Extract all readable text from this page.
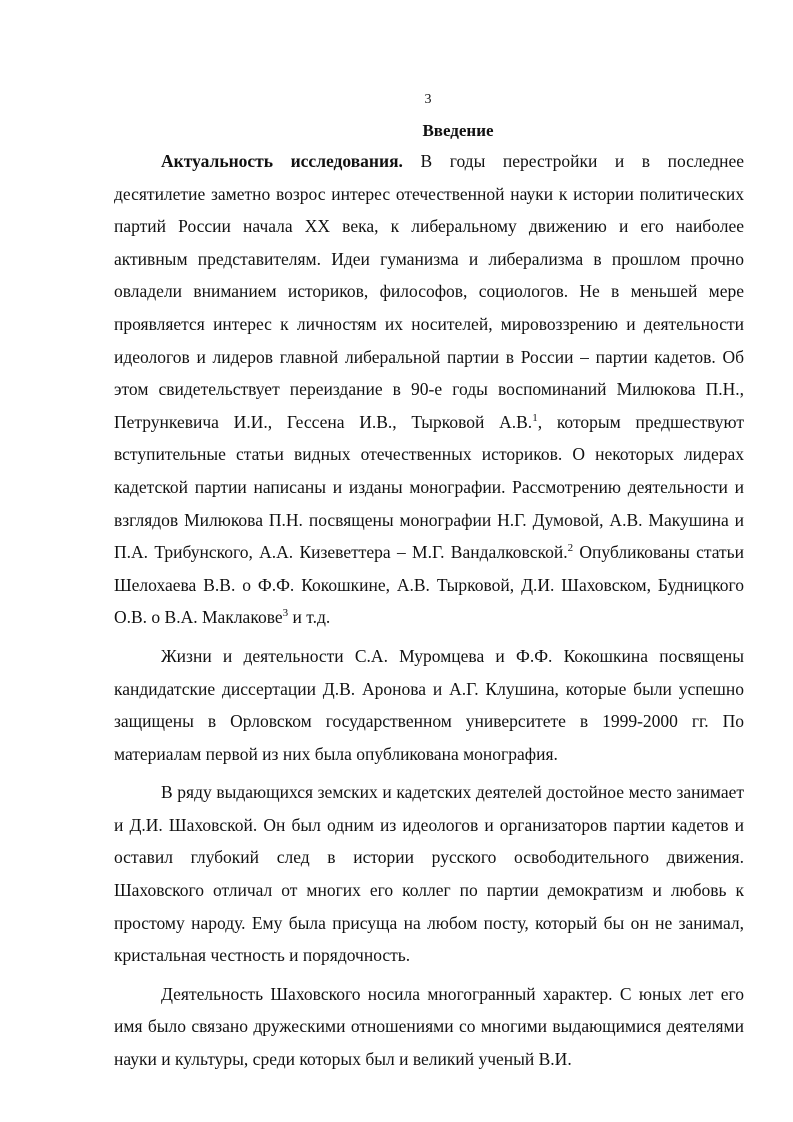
3
Введение

Актуальность исследования. В годы перестройки и в последнее десятилетие заметно возрос интерес отечественной науки к истории политических партий России начала XX века, к либеральному движению и его наиболее активным представителям. Идеи гуманизма и либерализма в прошлом прочно овладели вниманием историков, философов, социологов. Не в меньшей мере проявляется интерес к личностям их носителей, мировоззрению и деятельности идеологов и лидеров главной либеральной партии в России – партии кадетов. Об этом свидетельствует переиздание в 90-е годы воспоминаний Милюкова П.Н., Петрункевича И.И., Гессена И.В., Тырковой А.В.$^1$, которым предшествуют вступительные статьи видных отечественных историков. О некоторых лидерах кадетской партии написаны и изданы монографии. Рассмотрению деятельности и взглядов Милюкова П.Н. посвящены монографии Н.Г. Думовой, А.В. Макушина и П.А. Трибунского, А.А. Кизеветтера – М.Г. Вандалковской.$^2$ Опубликованы статьи Шелохаева В.В. о Ф.Ф. Кокошкине, А.В. Тырковой, Д.И. Шаховском, Будницкого О.В. о В.А. Маклакове$^3$ и т.д.

Жизни и деятельности С.А. Муромцева и Ф.Ф. Кокошкина посвящены кандидатские диссертации Д.В. Аронова и А.Г. Клушина, которые были успешно защищены в Орловском государственном университете в 1999-2000 гг. По материалам первой из них была опубликована монография.

В ряду выдающихся земских и кадетских деятелей достойное место занимает и Д.И. Шаховской. Он был одним из идеологов и организаторов партии кадетов и оставил глубокий след в истории русского освободительного движения. Шаховского отличал от многих его коллег по партии демократизм и любовь к простому народу. Ему была присуща на любом посту, который бы он не занимал, кристальная честность и порядочность.

Деятельность Шаховского носила многогранный характер. С юных лет его имя было связано дружескими отношениями со многими выдающимися деятелями науки и культуры, среди которых был и великий ученый В.И.
